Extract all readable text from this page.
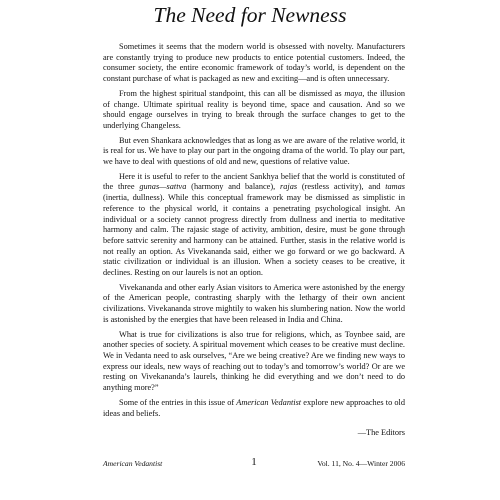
The Need for Newness

Sometimes it seems that the modern world is obsessed with novelty. Manufacturers are constantly trying to produce new products to entice potential customers. Indeed, the consumer society, the entire economic framework of today’s world, is dependent on the constant purchase of what is packaged as new and exciting—and is often unnecessary.

From the highest spiritual standpoint, this can all be dismissed as maya, the illusion of change. Ultimate spiritual reality is beyond time, space and causation. And so we should engage ourselves in trying to break through the surface changes to get to the underlying Changeless.

But even Shankara acknowledges that as long as we are aware of the relative world, it is real for us. We have to play our part in the ongoing drama of the world. To play our part, we have to deal with questions of old and new, questions of relative value.

Here it is useful to refer to the ancient Sankhya belief that the world is constituted of the three gunas—sattva (harmony and balance), rajas (restless activity), and tamas (inertia, dullness). While this conceptual framework may be dismissed as simplistic in reference to the physical world, it contains a penetrating psychological insight. An individual or a society cannot progress directly from dullness and inertia to meditative harmony and calm. The rajasic stage of activity, ambition, desire, must be gone through before sattvic serenity and harmony can be attained. Further, stasis in the relative world is not really an option. As Vivekananda said, either we go forward or we go backward. A static civilization or individual is an illusion. When a society ceases to be creative, it declines. Resting on our laurels is not an option.

Vivekananda and other early Asian visitors to America were astonished by the energy of the American people, contrasting sharply with the lethargy of their own ancient civilizations. Vivekananda strove mightily to waken his slumbering nation. Now the world is astonished by the energies that have been released in India and China.

What is true for civilizations is also true for religions, which, as Toynbee said, are another species of society. A spiritual movement which ceases to be creative must decline. We in Vedanta need to ask ourselves, “Are we being creative? Are we finding new ways to express our ideals, new ways of reaching out to today’s and tomorrow’s world? Or are we resting on Vivekananda’s laurels, thinking he did everything and we don’t need to do anything more?”

Some of the entries in this issue of American Vedantist explore new approaches to old ideas and beliefs.

—The Editors
American Vedantist	1	Vol. 11, No. 4—Winter 2006
